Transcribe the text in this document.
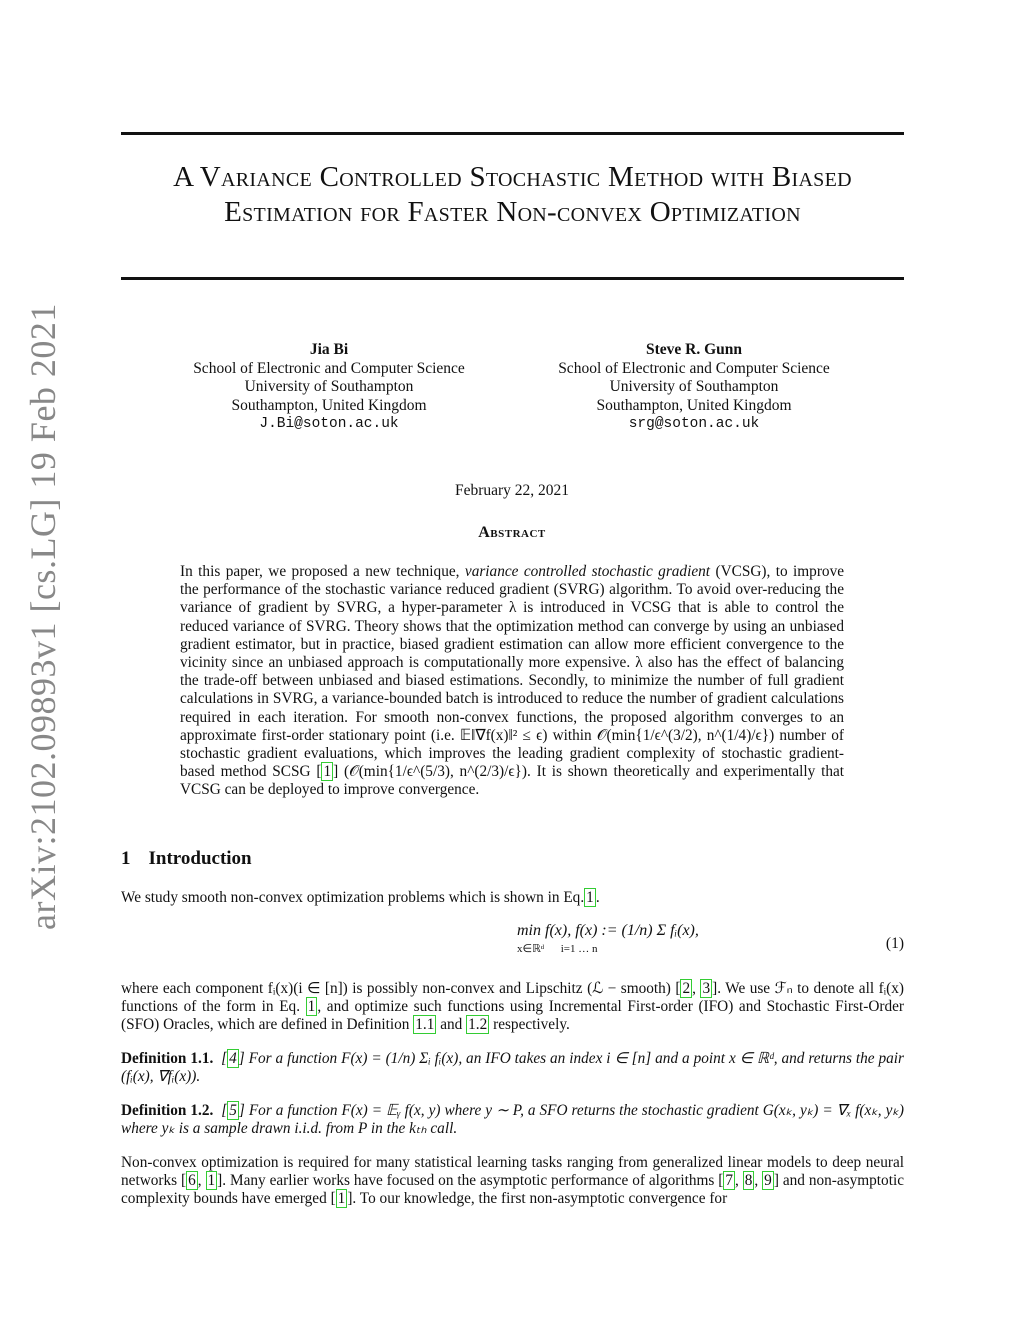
arXiv:2102.09893v1 [cs.LG] 19 Feb 2021
A Variance Controlled Stochastic Method with Biased Estimation for Faster Non-convex Optimization
Jia Bi
School of Electronic and Computer Science
University of Southampton
Southampton, United Kingdom
J.Bi@soton.ac.uk
Steve R. Gunn
School of Electronic and Computer Science
University of Southampton
Southampton, United Kingdom
srg@soton.ac.uk
February 22, 2021
Abstract

In this paper, we proposed a new technique, variance controlled stochastic gradient (VCSG), to improve the performance of the stochastic variance reduced gradient (SVRG) algorithm. To avoid over-reducing the variance of gradient by SVRG, a hyper-parameter λ is introduced in VCSG that is able to control the reduced variance of SVRG. Theory shows that the optimization method can converge by using an unbiased gradient estimator, but in practice, biased gradient estimation can allow more efficient convergence to the vicinity since an unbiased approach is computationally more expensive. λ also has the effect of balancing the trade-off between unbiased and biased estimations. Secondly, to minimize the number of full gradient calculations in SVRG, a variance-bounded batch is introduced to reduce the number of gradient calculations required in each iteration. For smooth non-convex functions, the proposed algorithm converges to an approximate first-order stationary point (i.e. 𝔼‖∇f(x)‖² ≤ ϵ) within 𝒪(min{1/ϵ^(3/2), n^(1/4)/ϵ}) number of stochastic gradient evaluations, which improves the leading gradient complexity of stochastic gradient-based method SCSG [ 1 ] (𝒪(min{1/ϵ^(5/3), n^(2/3)/ϵ}). It is shown theoretically and experimentally that VCSG can be deployed to improve convergence.

1 Introduction

We study smooth non-convex optimization problems which is shown in Eq. 1 .

min f(x), f(x) := (1/n) Σ fᵢ(x),
x∈ℝᵈ i=1 … n	(1)

where each component fᵢ(x)(i ∈ [n]) is possibly non-convex and Lipschitz (ℒ − smooth) [ 2 , 3 ]. We use ℱₙ to denote all fᵢ(x) functions of the form in Eq. 1 , and optimize such functions using Incremental First-order (IFO) and Stochastic First-Order (SFO) Oracles, which are defined in Definition 1.1 and 1.2 respectively.

Definition 1.1. [ 4 ] For a function F(x) = (1/n) Σᵢ fᵢ(x), an IFO takes an index i ∈ [n] and a point x ∈ ℝᵈ, and returns the pair (fᵢ(x), ∇fᵢ(x)).

Definition 1.2. [ 5 ] For a function F(x) = 𝔼ᵧ f(x, y) where y ∼ P, a SFO returns the stochastic gradient G(xₖ, yₖ) = ∇ₓ f(xₖ, yₖ) where yₖ is a sample drawn i.i.d. from P in the kₜₕ call.

Non-convex optimization is required for many statistical learning tasks ranging from generalized linear models to deep neural networks [ 6 , 1 ]. Many earlier works have focused on the asymptotic performance of algorithms [ 7 , 8 , 9 ] and non-asymptotic complexity bounds have emerged [ 1 ]. To our knowledge, the first non-asymptotic convergence for
